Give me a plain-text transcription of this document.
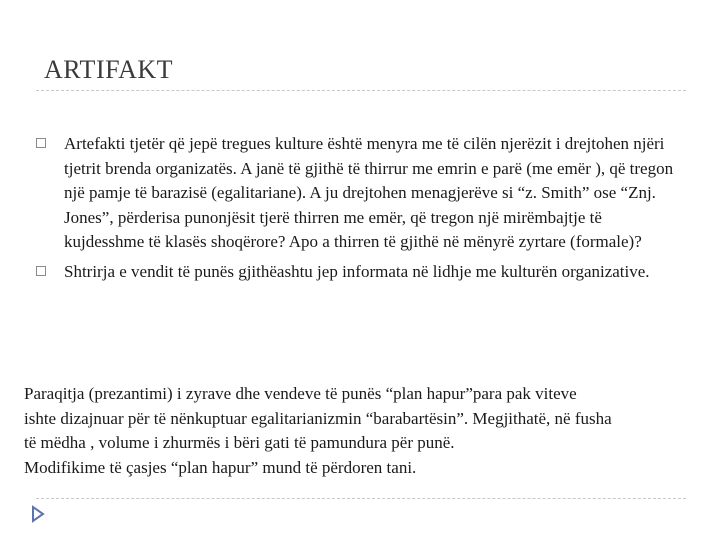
ARTIFAKT
Artefakti tjetër që jepë tregues kulture është menyra me të cilën njerëzit i drejtohen njëri tjetrit brenda organizatës. A janë të gjithë të thirrur me emrin e parë (me emër ), që tregon një pamje të barazisë (egalitariane). A ju drejtohen menagjerëve si “z. Smith” ose “Znj. Jones”, përderisa punonjësit tjerë thirren me emër, që tregon një mirëmbajtje të kujdesshme të klasës shoqërore? Apo a thirren të gjithë në mënyrë zyrtare (formale)?
Shtrirja e vendit të punës gjithëashtu jep informata në lidhje me kulturën organizative.
Paraqitja (prezantimi) i zyrave dhe vendeve të punës “plan hapur”para pak viteve
ishte dizajnuar për të nënkuptuar egalitarianizmin “barabartësin”. Megjithatë, në fusha
të mëdha , volume i zhurmës i bëri gati të pamundura për punë.
Modifikime të çasjes “plan hapur” mund të përdoren tani.
